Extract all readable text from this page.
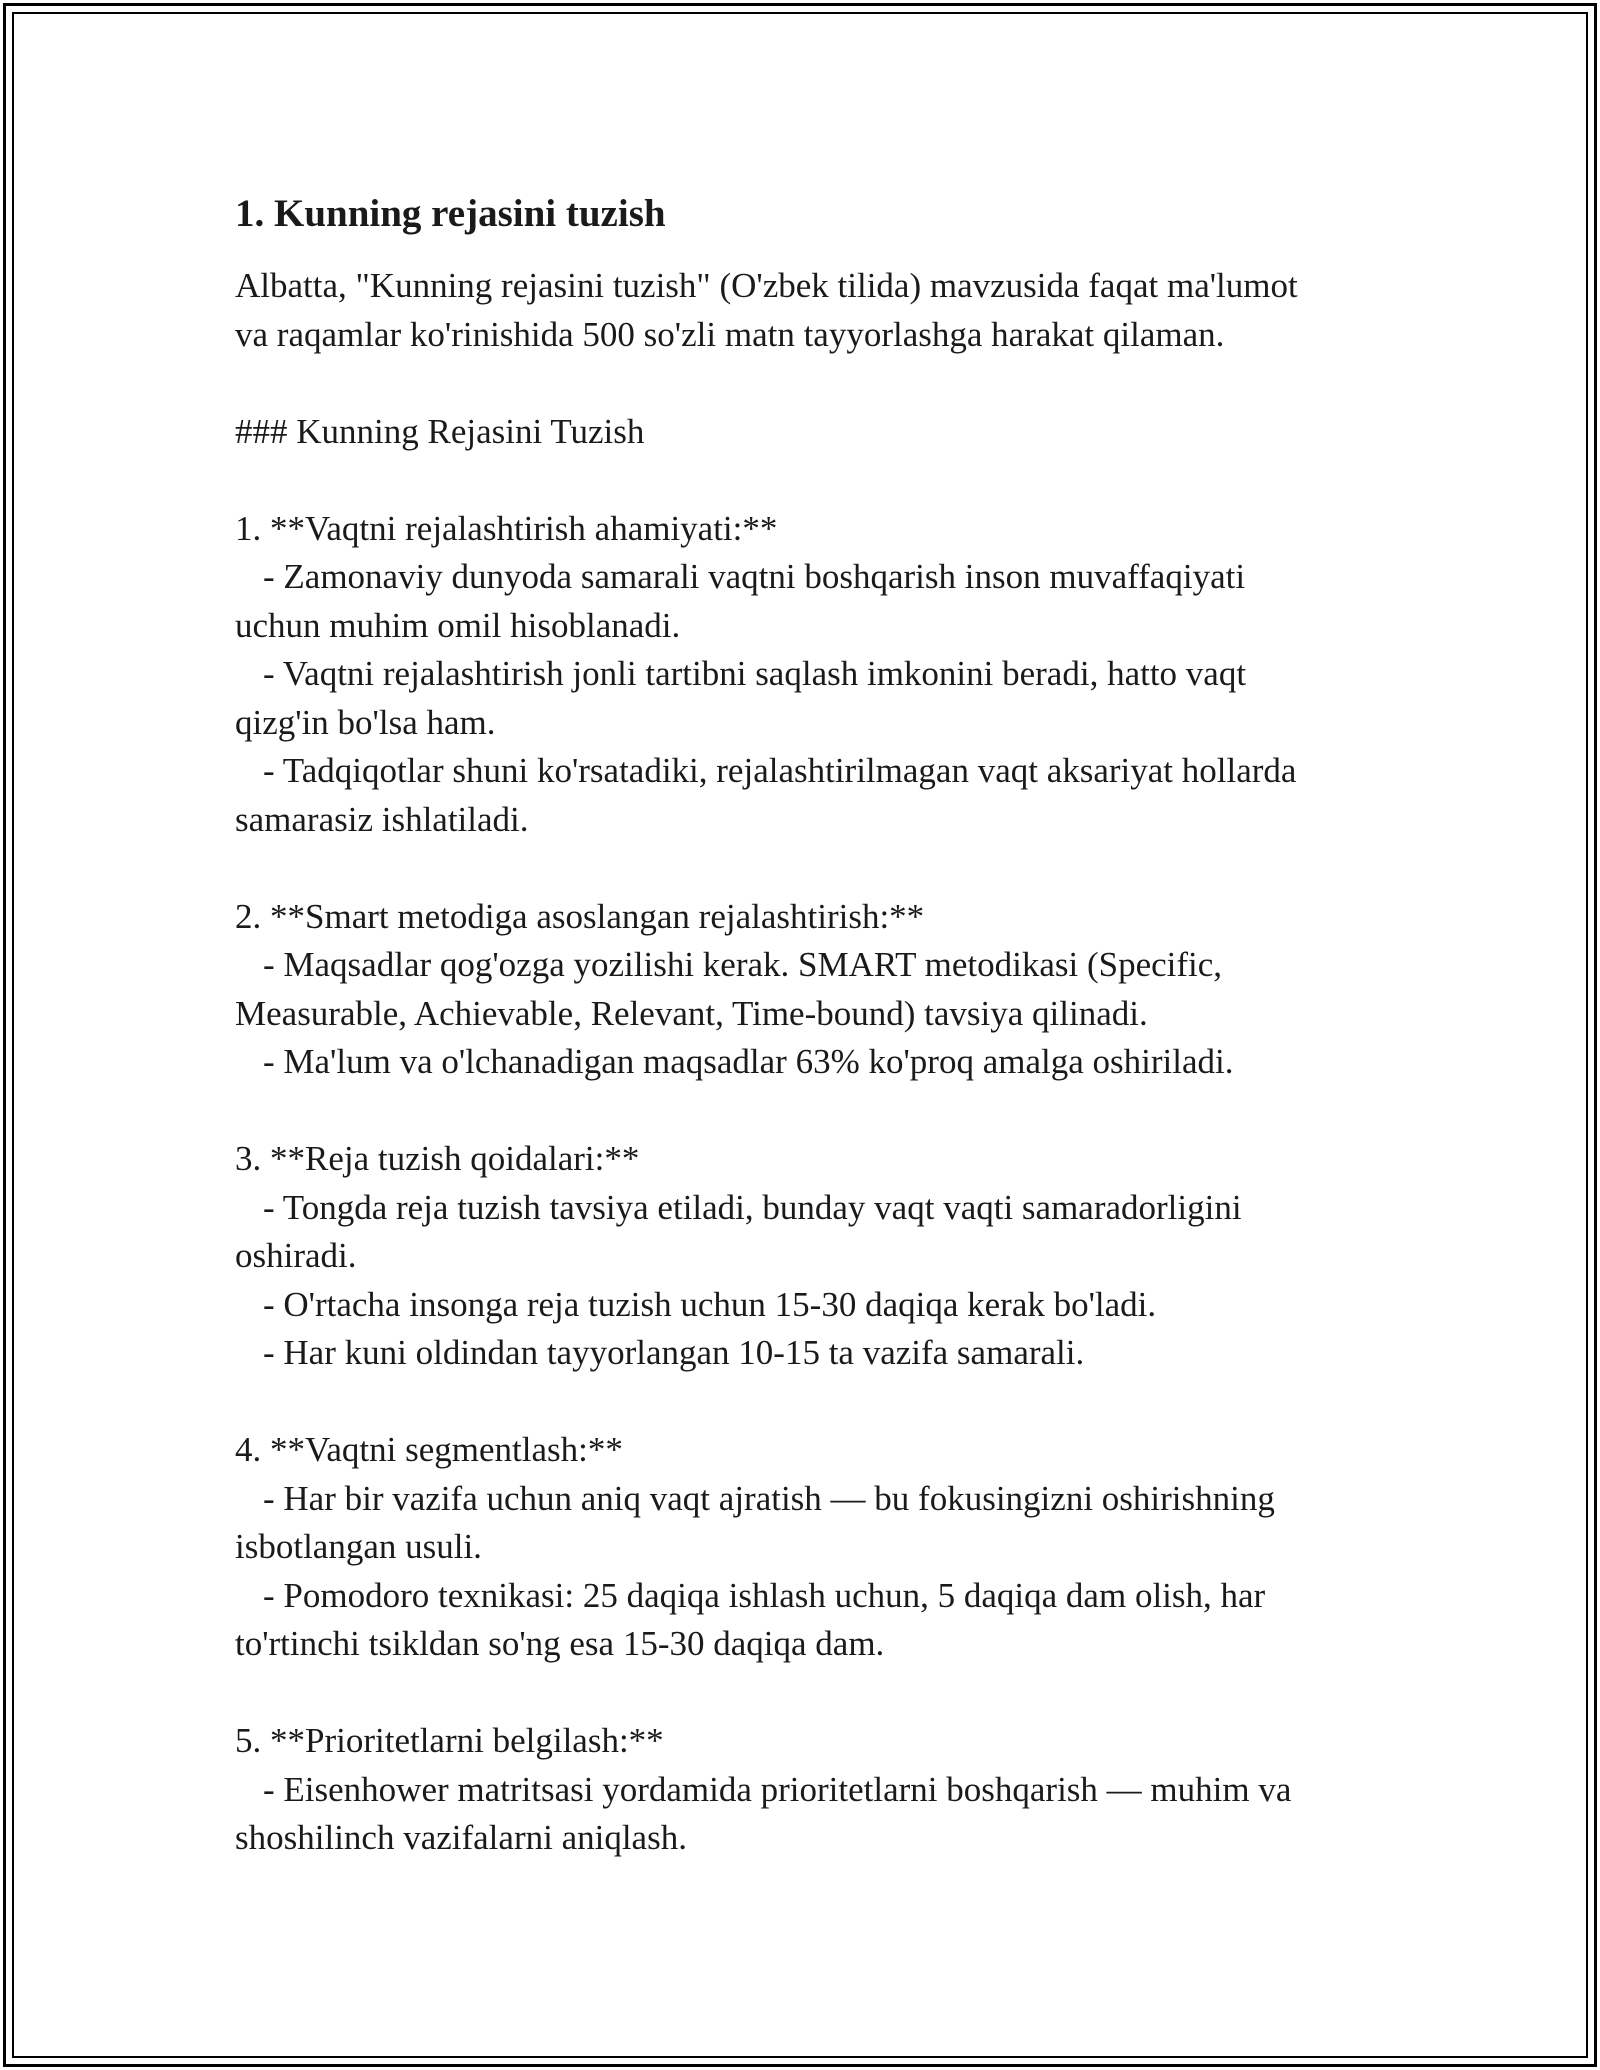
1. Kunning rejasini tuzish

Albatta, "Kunning rejasini tuzish" (O'zbek tilida) mavzusida faqat ma'lumot
va raqamlar ko'rinishida 500 so'zli matn tayyorlashga harakat qilaman.

### Kunning Rejasini Tuzish

1. **Vaqtni rejalashtirish ahamiyati:**
- Zamonaviy dunyoda samarali vaqtni boshqarish inson muvaffaqiyati
uchun muhim omil hisoblanadi.
- Vaqtni rejalashtirish jonli tartibni saqlash imkonini beradi, hatto vaqt
qizg'in bo'lsa ham.
- Tadqiqotlar shuni ko'rsatadiki, rejalashtirilmagan vaqt aksariyat hollarda
samarasiz ishlatiladi.
2. **Smart metodiga asoslangan rejalashtirish:**
- Maqsadlar qog'ozga yozilishi kerak. SMART metodikasi (Specific,
Measurable, Achievable, Relevant, Time-bound) tavsiya qilinadi.
- Ma'lum va o'lchanadigan maqsadlar 63% ko'proq amalga oshiriladi.
3. **Reja tuzish qoidalari:**
- Tongda reja tuzish tavsiya etiladi, bunday vaqt vaqti samaradorligini
oshiradi.
- O'rtacha insonga reja tuzish uchun 15-30 daqiqa kerak bo'ladi.
- Har kuni oldindan tayyorlangan 10-15 ta vazifa samarali.
4. **Vaqtni segmentlash:**
- Har bir vazifa uchun aniq vaqt ajratish — bu fokusingizni oshirishning
isbotlangan usuli.
- Pomodoro texnikasi: 25 daqiqa ishlash uchun, 5 daqiqa dam olish, har
to'rtinchi tsikldan so'ng esa 15-30 daqiqa dam.
5. **Prioritetlarni belgilash:**
- Eisenhower matritsasi yordamida prioritetlarni boshqarish — muhim va
shoshilinch vazifalarni aniqlash.
